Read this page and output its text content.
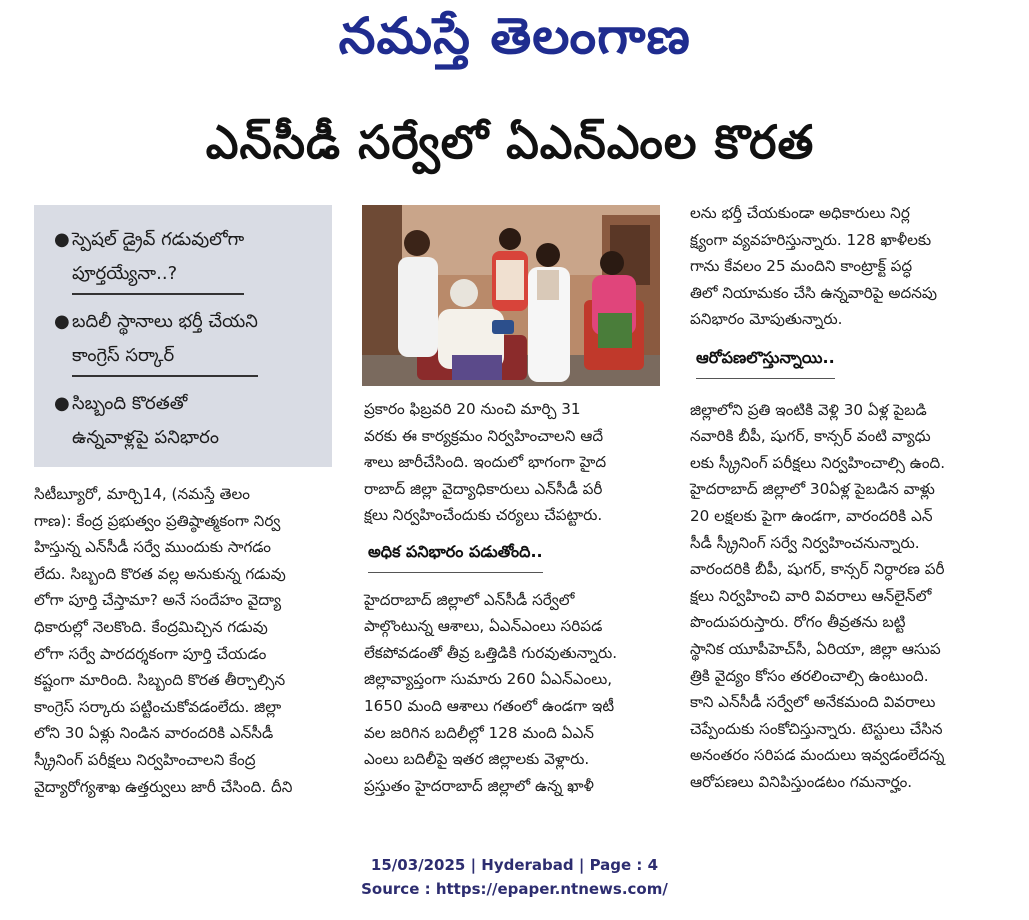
నమస్తే తెలంగాణ
ఎన్‌సీడీ సర్వేలో ఏఎన్‌ఎంల కొరత
● స్పెషల్ డ్రైవ్ గడువులోగా
పూర్తయ్యేనా..?
● బదిలీ స్థానాలు భర్తీ చేయని
కాంగ్రెస్ సర్కార్
● సిబ్బంది కొరతతో
ఉన్నవాళ్లపై పనిభారం
సిటీబ్యూరో, మార్చి14, (నమస్తే తెలం
గాణ): కేంద్ర ప్రభుత్వం ప్రతిష్ఠాత్మకంగా నిర్వ
హిస్తున్న ఎన్‌సీడీ సర్వే ముందుకు సాగడం
లేదు. సిబ్బంది కొరత వల్ల అనుకున్న గడువు
లోగా పూర్తి చేస్తామా? అనే సందేహం వైద్యా
ధికారుల్లో నెలకొంది. కేంద్రమిచ్చిన గడువు
లోగా సర్వే పారదర్శకంగా పూర్తి చేయడం
కష్టంగా మారింది. సిబ్బంది కొరత తీర్చాల్సిన
కాంగ్రెస్ సర్కారు పట్టించుకోవడంలేదు. జిల్లా
లోని 30 ఏళ్లు నిండిన వారందరికి ఎన్‌సీడీ
స్క్రీనింగ్ పరీక్షలు నిర్వహించాలని కేంద్ర
వైద్యారోగ్యశాఖ ఉత్తర్వులు జారీ చేసింది. దీని
ప్రకారం ఫిబ్రవరి 20 నుంచి మార్చి 31
వరకు ఈ కార్యక్రమం నిర్వహించాలని ఆదే
శాలు జారీచేసింది. ఇందులో భాగంగా హైద
రాబాద్ జిల్లా వైద్యాధికారులు ఎన్‌సీడీ పరీ
క్షలు నిర్వహించేందుకు చర్యలు చేపట్టారు.
అధిక పనిభారం పడుతోంది..
హైదరాబాద్ జిల్లాలో ఎన్‌సీడీ సర్వేలో
పాల్గొంటున్న ఆశాలు, ఏఎన్‌ఎంలు సరిపడ
లేకపోవడంతో తీవ్ర ఒత్తిడికి గురవుతున్నారు.
జిల్లావ్యాప్తంగా సుమారు 260 ఏఎన్‌ఎంలు,
1650 మంది ఆశాలు గతంలో ఉండగా ఇటీ
వల జరిగిన బదిలీల్లో 128 మంది ఏఎన్
ఎంలు బదిలీపై ఇతర జిల్లాలకు వెళ్లారు.
ప్రస్తుతం హైదరాబాద్ జిల్లాలో ఉన్న ఖాళీ
లను భర్తీ చేయకుండా అధికారులు నిర్ల
క్ష్యంగా వ్యవహరిస్తున్నారు. 128 ఖాళీలకు
గాను కేవలం 25 మందిని కాంట్రాక్ట్ పద్ధ
తిలో నియామకం చేసి ఉన్నవారిపై అదనపు
పనిభారం మోపుతున్నారు.
ఆరోపణలొస్తున్నాయి..
జిల్లాలోని ప్రతి ఇంటికి వెళ్లి 30 ఏళ్ల పైబడి
నవారికి బీపీ, షుగర్, కాన్సర్ వంటి వ్యాధు
లకు స్క్రీనింగ్ పరీక్షలు నిర్వహించాల్సి ఉంది.
హైదరాబాద్ జిల్లాలో 30ఏళ్ల పైబడిన వాళ్లు
20 లక్షలకు పైగా ఉండగా, వారందరికి ఎన్
సీడీ స్క్రీనింగ్ సర్వే నిర్వహించనున్నారు.
వారందరికి బీపీ, షుగర్, కాన్సర్ నిర్ధారణ పరీ
క్షలు నిర్వహించి వారి వివరాలు ఆన్‌లైన్‌లో
పొందుపరుస్తారు. రోగం తీవ్రతను బట్టి
స్థానిక యూపీహెచ్‌సీ, ఏరియా, జిల్లా ఆసుప
త్రికి వైద్యం కోసం తరలించాల్సి ఉంటుంది.
కాని ఎన్‌సీడీ సర్వేలో అనేకమంది వివరాలు
చెప్పేందుకు సంకోచిస్తున్నారు. టెస్టులు చేసిన
అనంతరం సరిపడ మందులు ఇవ్వడంలేదన్న
ఆరోపణలు వినిపిస్తుండటం గమనార్హం.
15/03/2025 | Hyderabad | Page : 4
Source : https://epaper.ntnews.com/
